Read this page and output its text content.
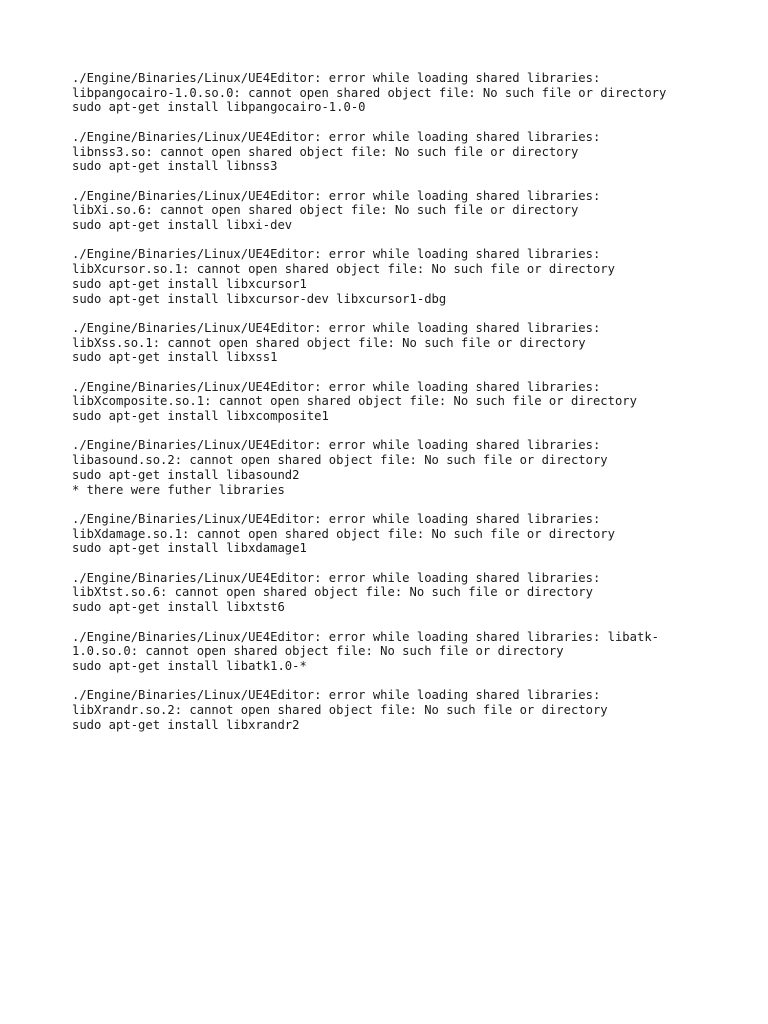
./Engine/Binaries/Linux/UE4Editor: error while loading shared libraries:
libpangocairo-1.0.so.0: cannot open shared object file: No such file or directory
sudo apt-get install libpangocairo-1.0-0
./Engine/Binaries/Linux/UE4Editor: error while loading shared libraries:
libnss3.so: cannot open shared object file: No such file or directory
sudo apt-get install libnss3
./Engine/Binaries/Linux/UE4Editor: error while loading shared libraries:
libXi.so.6: cannot open shared object file: No such file or directory
sudo apt-get install libxi-dev
./Engine/Binaries/Linux/UE4Editor: error while loading shared libraries:
libXcursor.so.1: cannot open shared object file: No such file or directory
sudo apt-get install libxcursor1
sudo apt-get install libxcursor-dev libxcursor1-dbg
./Engine/Binaries/Linux/UE4Editor: error while loading shared libraries:
libXss.so.1: cannot open shared object file: No such file or directory
sudo apt-get install libxss1
./Engine/Binaries/Linux/UE4Editor: error while loading shared libraries:
libXcomposite.so.1: cannot open shared object file: No such file or directory
sudo apt-get install libxcomposite1
./Engine/Binaries/Linux/UE4Editor: error while loading shared libraries:
libasound.so.2: cannot open shared object file: No such file or directory
sudo apt-get install libasound2
* there were futher libraries
./Engine/Binaries/Linux/UE4Editor: error while loading shared libraries:
libXdamage.so.1: cannot open shared object file: No such file or directory
sudo apt-get install libxdamage1
./Engine/Binaries/Linux/UE4Editor: error while loading shared libraries:
libXtst.so.6: cannot open shared object file: No such file or directory
sudo apt-get install libxtst6
./Engine/Binaries/Linux/UE4Editor: error while loading shared libraries: libatk-
1.0.so.0: cannot open shared object file: No such file or directory
sudo apt-get install libatk1.0-*
./Engine/Binaries/Linux/UE4Editor: error while loading shared libraries:
libXrandr.so.2: cannot open shared object file: No such file or directory
sudo apt-get install libxrandr2
